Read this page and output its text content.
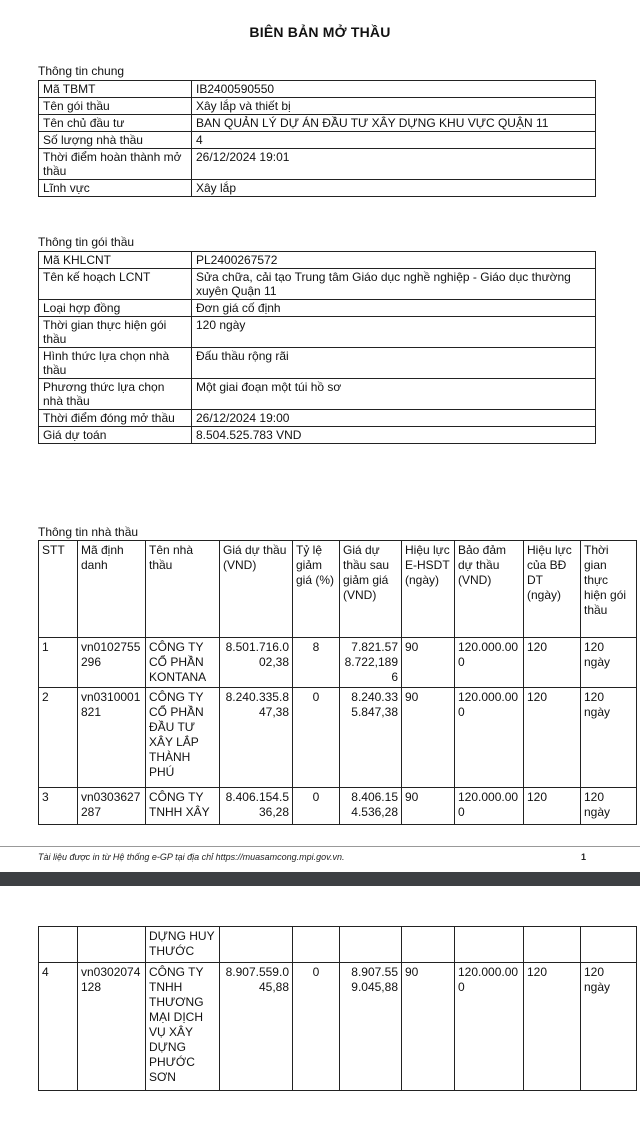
BIÊN BẢN MỞ THẦU
Thông tin chung
Mã TBMT	IB2400590550
Tên gói thầu	Xây lắp và thiết bị
Tên chủ đầu tư	BAN QUẢN LÝ DỰ ÁN ĐẦU TƯ XÂY DỰNG KHU VỰC QUẬN 11
Số lượng nhà thầu	4
Thời điểm hoàn thành mở thầu	26/12/2024 19:01
Lĩnh vực	Xây lắp
Thông tin gói thầu
Mã KHLCNT	PL2400267572
Tên kế hoạch LCNT	Sửa chữa, cải tạo Trung tâm Giáo dục nghề nghiệp - Giáo dục thường xuyên Quận 11
Loại hợp đồng	Đơn giá cố định
Thời gian thực hiện gói thầu	120 ngày
Hình thức lựa chọn nhà thầu	Đấu thầu rộng rãi
Phương thức lựa chọn nhà thầu	Một giai đoạn một túi hồ sơ
Thời điểm đóng mở thầu	26/12/2024 19:00
Giá dự toán	8.504.525.783 VND
Thông tin nhà thầu
STT	Mã định danh	Tên nhà thầu	Giá dự thầu (VND)	Tỷ lệ giảm giá (%)	Giá dự thầu sau giảm giá (VND)	Hiệu lực E-HSDT (ngày)	Bảo đảm dự thầu (VND)	Hiệu lực của BĐ DT (ngày)	Thời gian thực hiện gói thầu
1	vn0102755296	CÔNG TY CỔ PHẦN KONTANA	8.501.716.002,38	8	7.821.578.722,1896	90	120.000.000	120	120 ngày
2	vn0310001821	CÔNG TY CỔ PHẦN ĐẦU TƯ XÂY LẮP THÀNH PHÚ	8.240.335.847,38	0	8.240.335.847,38	90	120.000.000	120	120 ngày
3	vn0303627287	CÔNG TY TNHH XÂY	8.406.154.536,28	0	8.406.154.536,28	90	120.000.000	120	120 ngày
Tài liệu được in từ Hệ thống e-GP tại địa chỉ https://muasamcong.mpi.gov.vn.	1
		DỰNG HUY THƯỚC							
4	vn0302074128	CÔNG TY TNHH THƯƠNG MẠI DỊCH VỤ XÂY DỰNG PHƯỚC SƠN	8.907.559.045,88	0	8.907.559.045,88	90	120.000.000	120	120 ngày
